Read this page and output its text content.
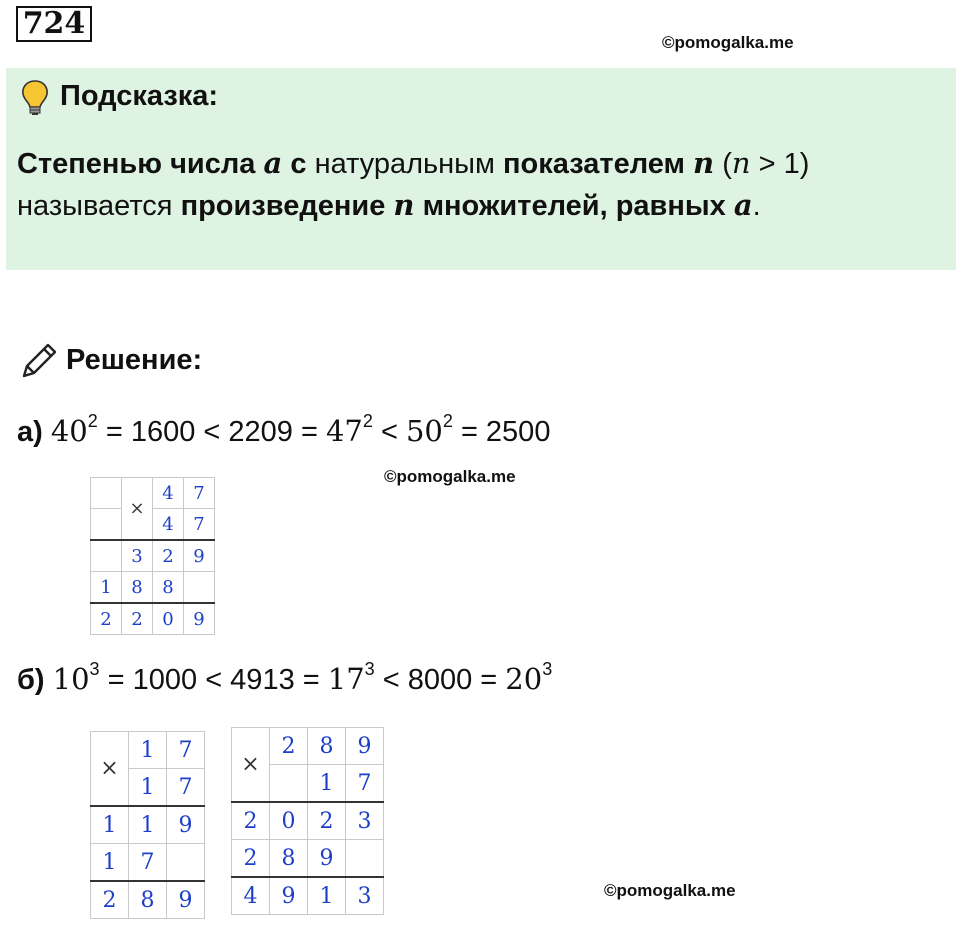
724
©pomogalka.me
Подсказка:
Степенью числа a с натуральным показателем n (n > 1)
называется произведение n множителей, равных a.
Решение:
а) $40^2 = 1600 < 2209 = 47^2 < 50^2 = 2500$
©pomogalka.me
	×	4	7
		4	7
	3	2	9
1	8	8	
2	2	0	9
б) $10^3 = 1000 < 4913 = 17^3 < 8000 = 20^3$
×	1	7
	1	7
1	1	9
1	7	
2	8	9
×	2	8	9
		1	7
2	0	2	3
2	8	9	
4	9	1	3	©pomogalka.me
